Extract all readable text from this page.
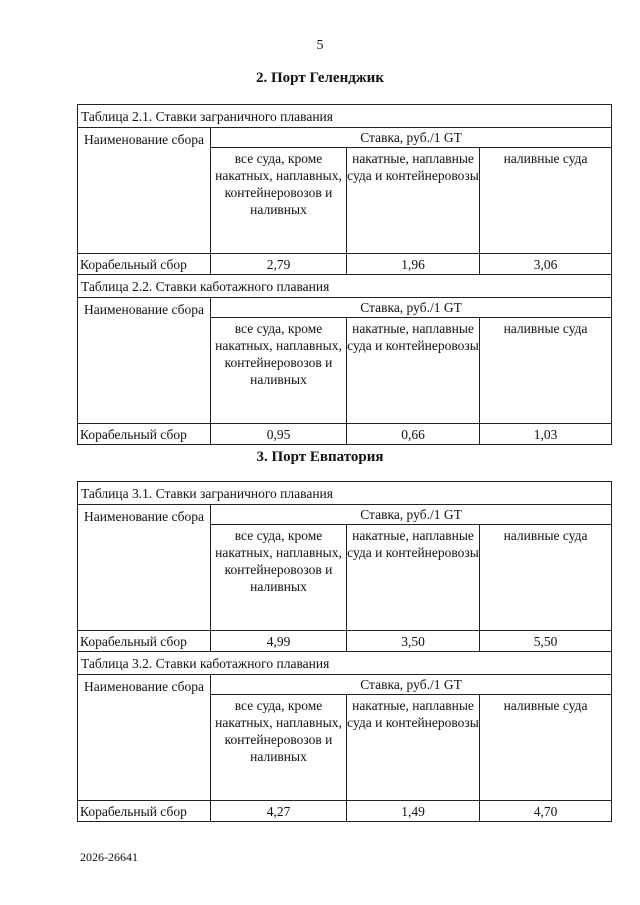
5
2. Порт Геленджик
Таблица 2.1. Ставки заграничного плавания			
Наименование сбора	Ставка, руб./1 GT		
	все суда, кроме накатных, наплавных, контейнеровозов и наливных	накатные, наплавные суда и контейнеровозы	наливные суда
Корабельный сбор	2,79	1,96	3,06
Таблица 2.2. Ставки каботажного плавания			
Наименование сбора	Ставка, руб./1 GT		
	все суда, кроме накатных, наплавных, контейнеровозов и наливных	накатные, наплавные суда и контейнеровозы	наливные суда
Корабельный сбор	0,95	0,66	1,03
3. Порт Евпатория
Таблица 3.1. Ставки заграничного плавания			
Наименование сбора	Ставка, руб./1 GT		
	все суда, кроме накатных, наплавных, контейнеровозов и наливных	накатные, наплавные суда и контейнеровозы	наливные суда
Корабельный сбор	4,99	3,50	5,50
Таблица 3.2. Ставки каботажного плавания			
Наименование сбора	Ставка, руб./1 GT		
	все суда, кроме накатных, наплавных, контейнеровозов и наливных	накатные, наплавные суда и контейнеровозы	наливные суда
Корабельный сбор	4,27	1,49	4,70
2026-26641
